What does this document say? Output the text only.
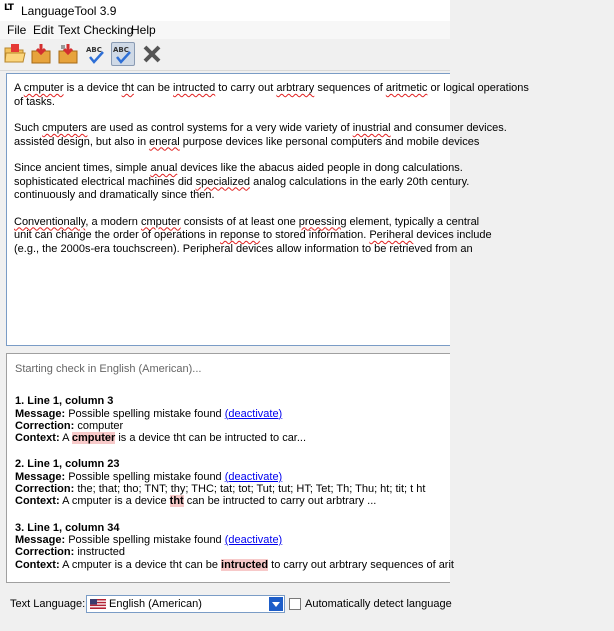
LT LanguageTool 3.9
File Edit Text Checking
Help
ABC ABC

A cmputer is a device tht can be intructed to carry out arbtrary sequences of aritmetic or logical operations
of tasks.

Such cmputers are used as control systems for a very wide variety of inustrial and consumer devices.
assisted design, but also in eneral purpose devices like personal computers and mobile devices

Since ancient times, simple anual devices like the abacus aided people in dong calculations.
sophisticated electrical machines did specialized analog calculations in the early 20th century.
continuously and dramatically since then.

Conventionally, a modern cmputer consists of at least one proessing element, typically a central
unit can change the order of operations in reponse to stored information. Periheral devices include
(e.g., the 2000s-era touchscreen). Peripheral devices allow information to be retrieved from an

Starting check in English (American)...
1. Line 1, column 3
Message: Possible spelling mistake found (deactivate)
Correction: computer
Context: A cmputer is a device tht can be intructed to car...
2. Line 1, column 23
Message: Possible spelling mistake found (deactivate)
Correction: the; that; tho; TNT; thy; THC; tat; tot; Tut; tut; HT; Tet; Th; Thu; ht; tit; t ht
Context: A cmputer is a device tht can be intructed to carry out arbtrary ...
3. Line 1, column 34
Message: Possible spelling mistake found (deactivate)
Correction: instructed
Context: A cmputer is a device tht can be intructed to carry out arbtrary sequences of arit
Text Language: English (American)	Automatically detect language
